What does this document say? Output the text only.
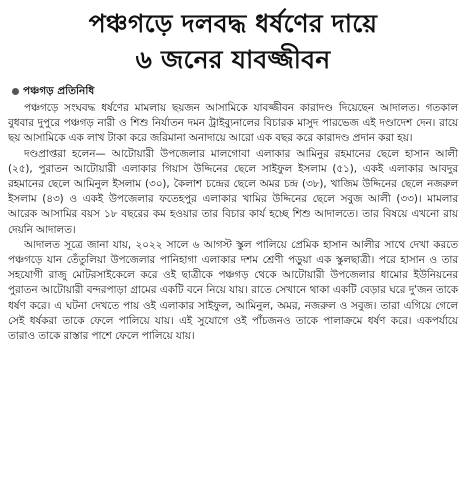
পঞ্চগড়ে দলবদ্ধ ধর্ষণের দায়ে
৬ জনের যাবজ্জীবন
পঞ্চগড় প্রতিনিধি

পঞ্চগড়ে সংঘবদ্ধ ধর্ষণের মামলায় ছয়জন আসামিকে যাবজ্জীবন কারাদণ্ড দিয়েছেন আদালত। গতকাল বুধবার দুপুরে পঞ্চগড় নারী ও শিশু নির্যাতন দমন ট্রাইব্যুনালের বিচারক মাসুদ পারভেজ এই দণ্ডাদেশ দেন। রায়ে ছয় আসামিকে এক লাখ টাকা করে জরিমানা অনাদায়ে আরো এক বছর করে কারাদণ্ড প্রদান করা হয়।

দণ্ডপ্রাপ্তরা হলেন— আটোয়ারী উপজেলার মালগোবা এলাকার আমিনুর রহমানের ছেলে হাসান আলী (২৫), পুরাতন আটোয়ারী এলাকার গিয়াস উদ্দিনের ছেলে সাইফুল ইসলাম (৫১), একই এলাকার আবদুর রহমানের ছেলে আমিনুল ইসলাম (৩০), কৈলাশ চন্দ্রের ছেলে অমর চন্দ্র (৩৮), খাজিম উদ্দিনের ছেলে নজরুল ইসলাম (৪৩) ও একই উপজেলার ফতেহপুর এলাকার খামির উদ্দিনের ছেলে সবুজ আলী (৩৩)। মামলার আরেক আসামির বয়স ১৮ বছরের কম হওয়ার তার বিচার কার্য হচ্ছে শিশু আদালতে। তার বিষয়ে এখনো রায় দেয়নি আদালত।

আদালত সূত্রে জানা যায়, ২০২২ সালে ৬ আগস্ট স্কুল পালিয়ে প্রেমিক হাসান আলীর সাথে দেখা করতে পঞ্চগড়ে যান তেঁতুলিয়া উপজেলার পানিহাগা এলাকার দশম শ্রেণী পড়ুয়া এক স্কুলছাত্রী। পরে হাসান ও তার সহযোগী রাজু মোটরসাইকেলে করে ওই ছাত্রীকে পঞ্চগড় থেকে আটোয়ারী উপজেলার ধামোর ইউনিয়নের পুরাতন আটোয়ারী বন্দরপাড়া গ্রামের একটি বনে নিয়ে যায়। রাতে সেখানে থাকা একটি বেড়ার ঘরে দু'জন তাকে ধর্ষণ করে। এ ঘটনা দেখতে পায় ওই এলাকার সাইফুল, আমিনুল, অমর, নজরুল ও সবুজ। তারা এগিয়ে গেলে সেই ধর্ষকরা তাকে ফেলে পালিয়ে যায়। এই সুযোগে ওই পাঁচজনও তাকে পালাক্রমে ধর্ষণ করে। একপর্যায়ে তারাও তাকে রাস্তার পাশে ফেলে পালিয়ে যায়।
